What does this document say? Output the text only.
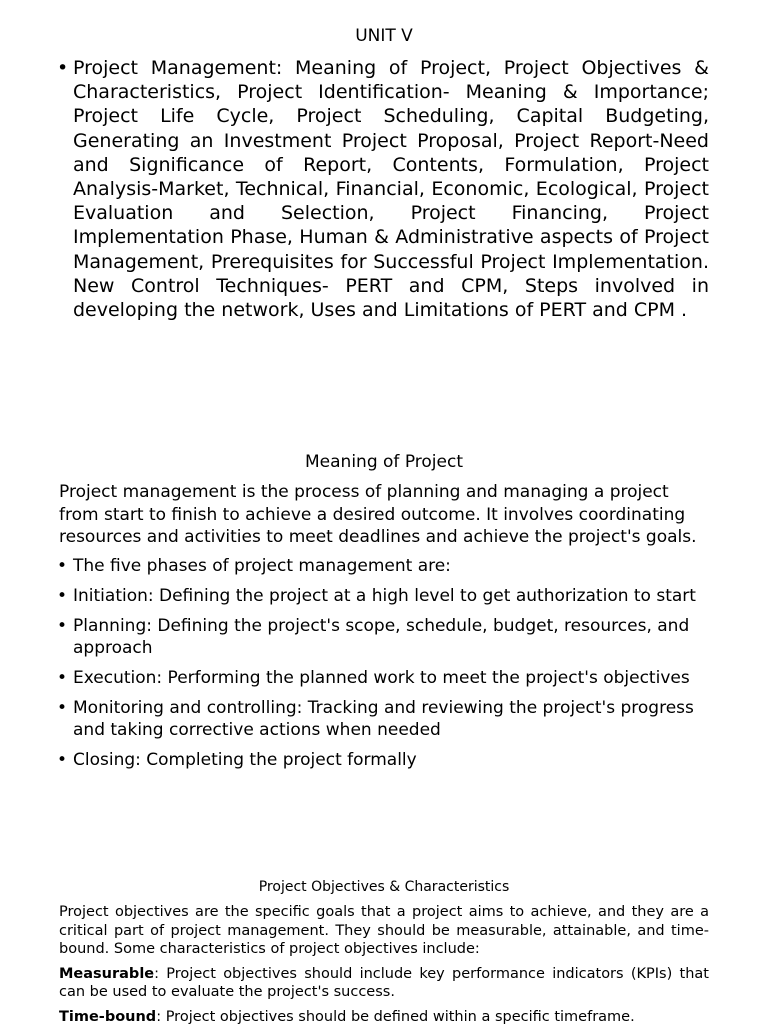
UNIT V
• Project Management: Meaning of Project, Project Objectives & Characteristics, Project Identification- Meaning & Importance; Project Life Cycle, Project Scheduling, Capital Budgeting, Generating an Investment Project Proposal, Project Report-Need and Significance of Report, Contents, Formulation, Project Analysis-Market, Technical, Financial, Economic, Ecological, Project Evaluation and Selection, Project Financing, Project Implementation Phase, Human & Administrative aspects of Project Management, Prerequisites for Successful Project Implementation. New Control Techniques- PERT and CPM, Steps involved in developing the network, Uses and Limitations of PERT and CPM .
Meaning of Project
Project management is the process of planning and managing a project from start to finish to achieve a desired outcome. It involves coordinating resources and activities to meet deadlines and achieve the project's goals.
• The five phases of project management are:
• Initiation: Defining the project at a high level to get authorization to start
• Planning: Defining the project's scope, schedule, budget, resources, and approach
• Execution: Performing the planned work to meet the project's objectives
• Monitoring and controlling: Tracking and reviewing the project's progress and taking corrective actions when needed
• Closing: Completing the project formally
Project Objectives & Characteristics
Project objectives are the specific goals that a project aims to achieve, and they are a critical part of project management. They should be measurable, attainable, and time-bound. Some characteristics of project objectives include:
Measurable: Project objectives should include key performance indicators (KPIs) that can be used to evaluate the project's success.
Time-bound: Project objectives should be defined within a specific timeframe.
